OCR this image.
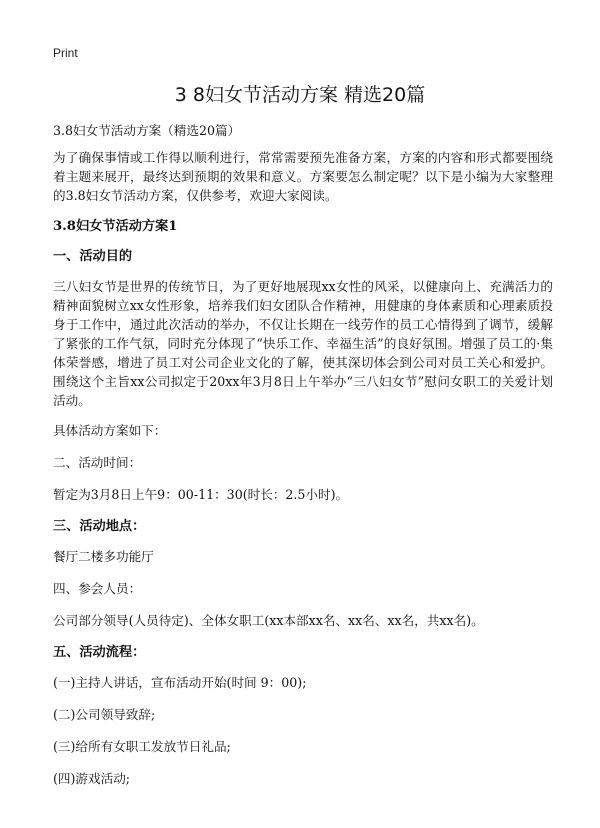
Print
3 8妇女节活动方案 精选20篇

3.8妇女节活动方案（精选20篇）

为了确保事情或工作得以顺利进行，常常需要预先准备方案，方案的内容和形式都要围绕着主题来展开，最终达到预期的效果和意义。方案要怎么制定呢？以下是小编为大家整理的3.8妇女节活动方案，仅供参考，欢迎大家阅读。

3.8妇女节活动方案1

一、活动目的

三八妇女节是世界的传统节日，为了更好地展现xx女性的风采，以健康向上、充满活力的精神面貌树立xx女性形象，培养我们妇女团队合作精神，用健康的身体素质和心理素质投身于工作中，通过此次活动的举办，不仅让长期在一线劳作的员工心情得到了调节，缓解了紧张的工作气氛，同时充分体现了“快乐工作、幸福生活”的良好氛围。增强了员工的·集体荣誉感，增进了员工对公司企业文化的了解，使其深切体会到公司对员工关心和爱护。围绕这个主旨xx公司拟定于20xx年3月8日上午举办“三八妇女节”慰问女职工的关爱计划活动。

具体活动方案如下：

二、活动时间：

暂定为3月8日上午9：00-11：30(时长：2.5小时)。

三、活动地点：

餐厅二楼多功能厅

四、参会人员：

公司部分领导(人员待定)、全体女职工(xx本部xx名、xx名、xx名，共xx名)。

五、活动流程：

(一)主持人讲话，宣布活动开始(时间 9：00);

(二)公司领导致辞;

(三)给所有女职工发放节日礼品;

(四)游戏活动;
